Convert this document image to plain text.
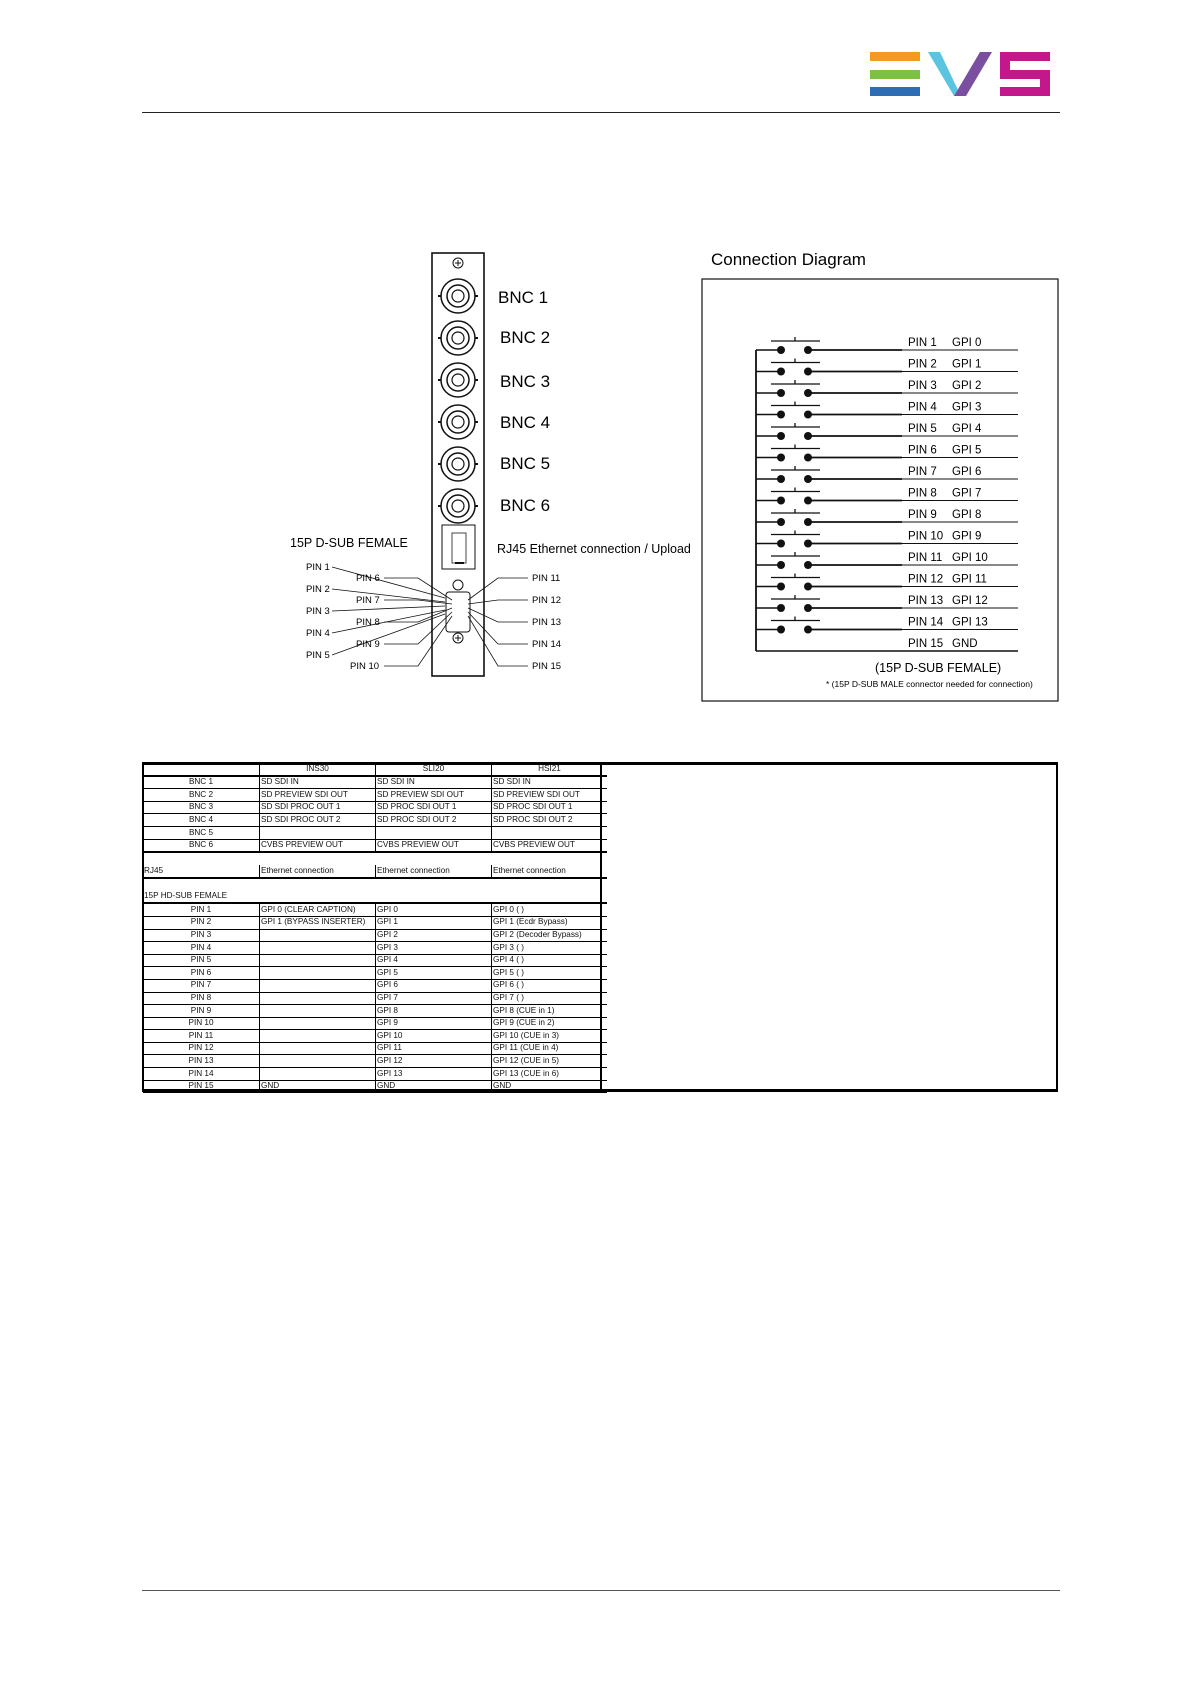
BNC 1
BNC 2
BNC 3
BNC 4
BNC 5
BNC 6
15P D-SUB FEMALE	RJ45 Ethernet connection / Upload
PIN 1
PIN 2
PIN 3
PIN 4
PIN 5
PIN 6
PIN 7
PIN 8
PIN 9
PIN 10
PIN 11
PIN 12
PIN 13
PIN 14
PIN 15
Connection Diagram
PIN 1 GPI 0
PIN 2 GPI 1
PIN 3 GPI 2
PIN 4 GPI 3
PIN 5 GPI 4
PIN 6 GPI 5
PIN 7 GPI 6
PIN 8 GPI 7
PIN 9 GPI 8
PIN 10 GPI 9
PIN 11 GPI 10
PIN 12 GPI 11
PIN 13 GPI 12
PIN 14 GPI 13
PIN 15 GND
(15P D-SUB FEMALE)
* (15P D-SUB MALE connector needed for connection)
	INS30	SLI20	HSI21
BNC 1	SD SDI IN	SD SDI IN	SD SDI IN
BNC 2	SD PREVIEW SDI OUT	SD PREVIEW SDI OUT	SD PREVIEW SDI OUT
BNC 3	SD SDI PROC OUT 1	SD PROC SDI OUT 1	SD PROC SDI OUT 1
BNC 4	SD SDI PROC OUT 2	SD PROC SDI OUT 2	SD PROC SDI OUT 2
BNC 5			
BNC 6	CVBS PREVIEW OUT	CVBS PREVIEW OUT	CVBS PREVIEW OUT

RJ45	Ethernet connection	Ethernet connection	Ethernet connection

15P HD-SUB FEMALE			
PIN 1	GPI 0 (CLEAR CAPTION)	GPI 0	GPI 0 ( )
PIN 2	GPI 1 (BYPASS INSERTER)	GPI 1	GPI 1 (Ecdr Bypass)
PIN 3		GPI 2	GPI 2 (Decoder Bypass)
PIN 4		GPI 3	GPI 3 ( )
PIN 5		GPI 4	GPI 4 ( )
PIN 6		GPI 5	GPI 5 ( )
PIN 7		GPI 6	GPI 6 ( )
PIN 8		GPI 7	GPI 7 ( )
PIN 9		GPI 8	GPI 8 (CUE in 1)
PIN 10		GPI 9	GPI 9 (CUE in 2)
PIN 11		GPI 10	GPI 10 (CUE in 3)
PIN 12		GPI 11	GPI 11 (CUE in 4)
PIN 13		GPI 12	GPI 12 (CUE in 5)
PIN 14		GPI 13	GPI 13 (CUE in 6)
PIN 15	GND	GND	GND
